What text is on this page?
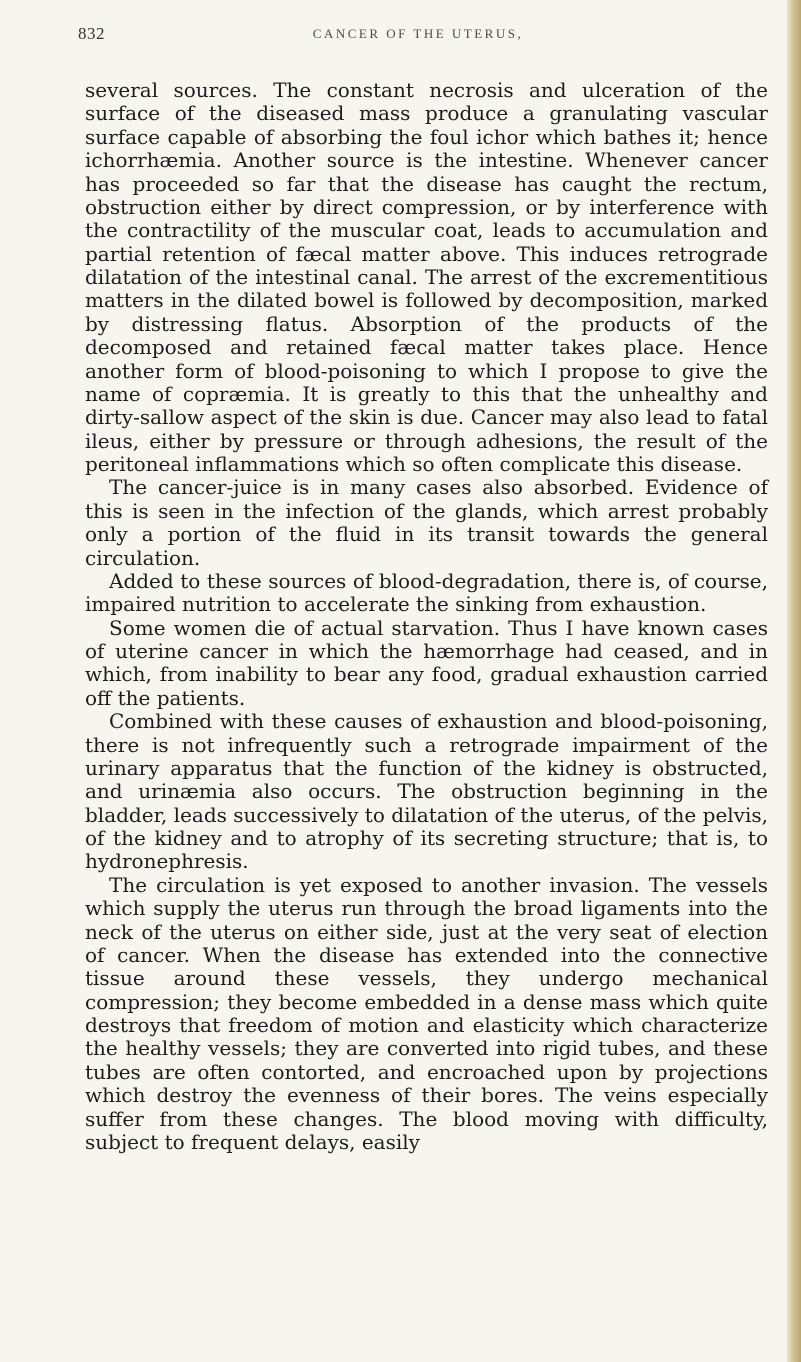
832	CANCER OF THE UTERUS,

several sources. The constant necrosis and ulceration of the surface of the diseased mass produce a granulating vascular surface capable of absorbing the foul ichor which bathes it; hence ichorrhæmia. Another source is the intestine. Whenever cancer has proceeded so far that the disease has caught the rectum, obstruction either by direct compression, or by interference with the contractility of the muscular coat, leads to accumulation and partial retention of fæcal matter above. This induces retrograde dilatation of the intestinal canal. The arrest of the excrementitious matters in the dilated bowel is followed by decomposition, marked by distressing flatus. Absorption of the products of the decomposed and retained fæcal matter takes place. Hence another form of blood-poisoning to which I propose to give the name of copræmia. It is greatly to this that the unhealthy and dirty-sallow aspect of the skin is due. Cancer may also lead to fatal ileus, either by pressure or through adhesions, the result of the peritoneal inflammations which so often complicate this disease.

The cancer-juice is in many cases also absorbed. Evidence of this is seen in the infection of the glands, which arrest probably only a portion of the fluid in its transit towards the general circulation.

Added to these sources of blood-degradation, there is, of course, impaired nutrition to accelerate the sinking from exhaustion.

Some women die of actual starvation. Thus I have known cases of uterine cancer in which the hæmorrhage had ceased, and in which, from inability to bear any food, gradual exhaustion carried off the patients.

Combined with these causes of exhaustion and blood-poisoning, there is not infrequently such a retrograde impairment of the urinary apparatus that the function of the kidney is obstructed, and urinæmia also occurs. The obstruction beginning in the bladder, leads successively to dilatation of the uterus, of the pelvis, of the kidney and to atrophy of its secreting structure; that is, to hydronephresis.

The circulation is yet exposed to another invasion. The vessels which supply the uterus run through the broad ligaments into the neck of the uterus on either side, just at the very seat of election of cancer. When the disease has extended into the connective tissue around these vessels, they undergo mechanical compression; they become embedded in a dense mass which quite destroys that freedom of motion and elasticity which characterize the healthy vessels; they are converted into rigid tubes, and these tubes are often contorted, and encroached upon by projections which destroy the evenness of their bores. The veins especially suffer from these changes. The blood moving with difficulty, subject to frequent delays, easily
